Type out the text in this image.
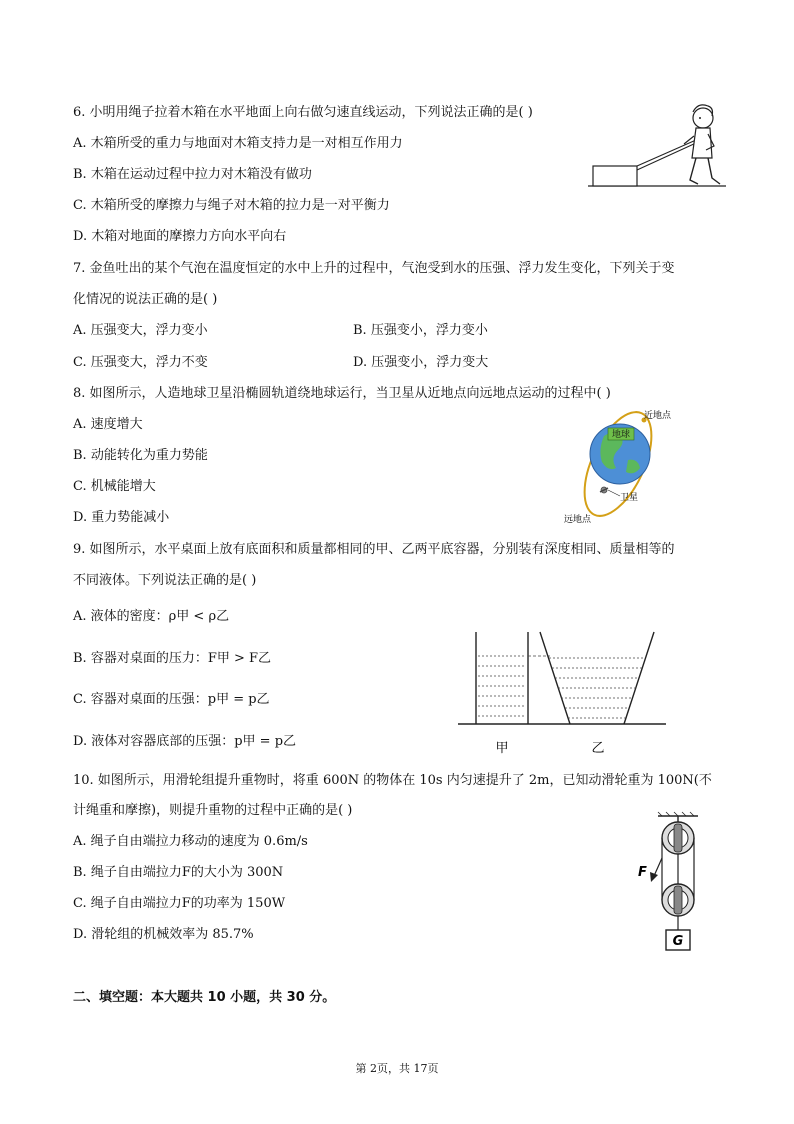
6. 小明用绳子拉着木箱在水平地面上向右做匀速直线运动，下列说法正确的是( )
A. 木箱所受的重力与地面对木箱支持力是一对相互作用力
B. 木箱在运动过程中拉力对木箱没有做功
C. 木箱所受的摩擦力与绳子对木箱的拉力是一对平衡力
D. 木箱对地面的摩擦力方向水平向右
7. 金鱼吐出的某个气泡在温度恒定的水中上升的过程中，气泡受到水的压强、浮力发生变化，下列关于变
化情况的说法正确的是( )
A. 压强变大，浮力变小	B. 压强变小，浮力变小
C. 压强变大，浮力不变	D. 压强变小，浮力变大
8. 如图所示，人造地球卫星沿椭圆轨道绕地球运行，当卫星从近地点向远地点运动的过程中( )
A. 速度增大
B. 动能转化为重力势能
C. 机械能增大
D. 重力势能减小
9. 如图所示，水平桌面上放有底面积和质量都相同的甲、乙两平底容器，分别装有深度相同、质量相等的
不同液体。下列说法正确的是( )
A. 液体的密度：ρ甲 < ρ乙
B. 容器对桌面的压力：F甲 > F乙
C. 容器对桌面的压强：p甲 = p乙
D. 液体对容器底部的压强：p甲 = p乙
10. 如图所示，用滑轮组提升重物时，将重 600N 的物体在 10s 内匀速提升了 2m，已知动滑轮重为 100N(不
计绳重和摩擦)，则提升重物的过程中正确的是( )
A. 绳子自由端拉力移动的速度为 0.6m/s
B. 绳子自由端拉力F的大小为 300N
C. 绳子自由端拉力F的功率为 150W
D. 滑轮组的机械效率为 85.7%
二、填空题：本大题共 10 小题，共 30 分。
第 2页，共 17页
地球
近地点
卫星
远地点
甲	乙
G
F
